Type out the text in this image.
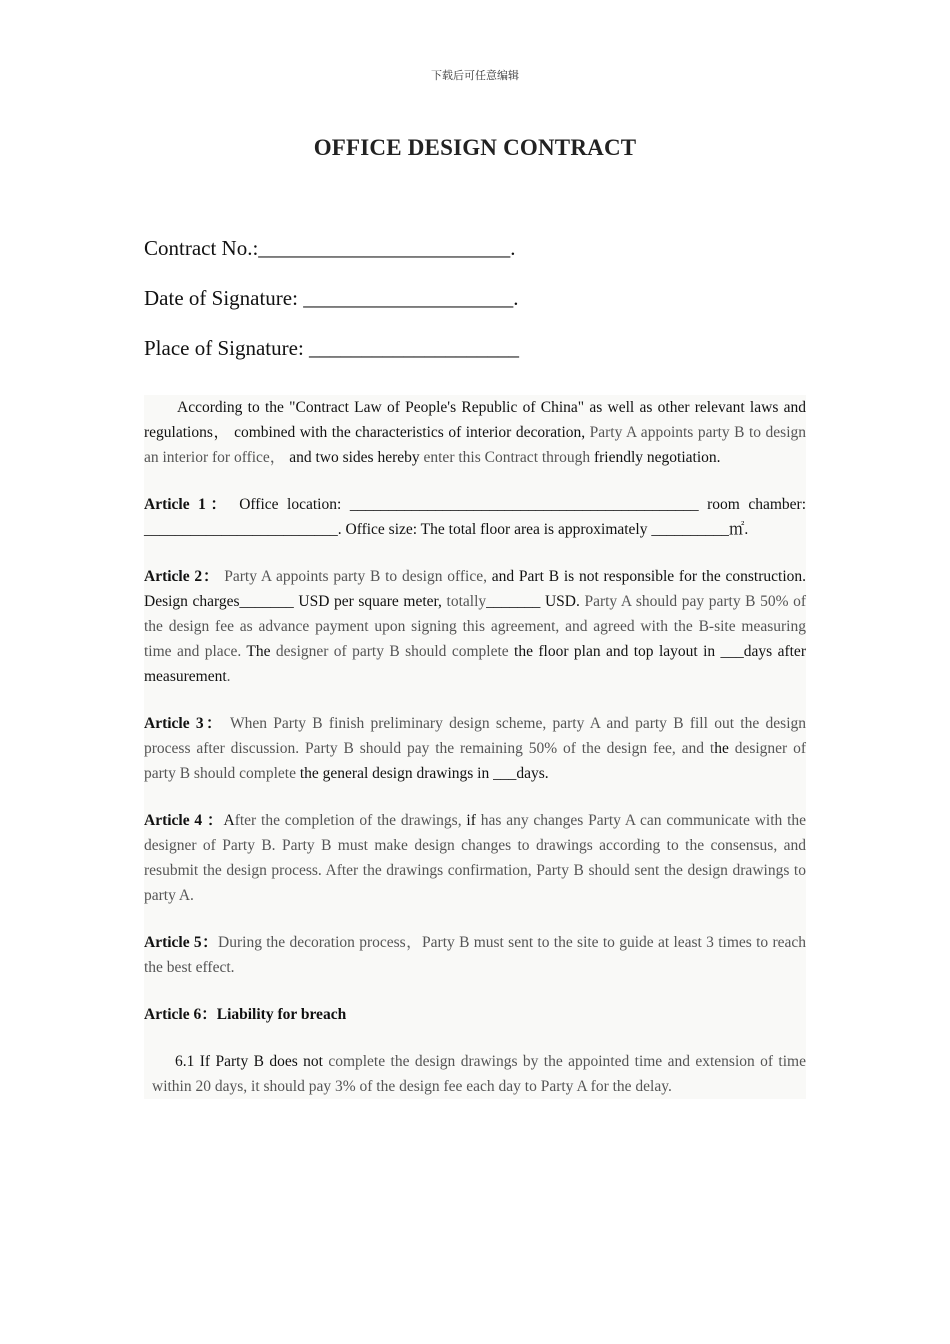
下载后可任意编辑
OFFICE DESIGN CONTRACT
Contract No.:________________________.
Date of Signature: ____________________.
Place of Signature: ____________________

According to the "Contract Law of People's Republic of China" as well as other relevant laws and regulations， combined with the characteristics of interior decoration, Party A appoints party B to design an interior for office， and two sides hereby enter this Contract through friendly negotiation.

Article 1： Office location: _____________________________________________ room chamber: _________________________. Office size: The total floor area is approximately __________㎡.

Article 2： Party A appoints party B to design office, and Part B is not responsible for the construction. Design charges_______ USD per square meter, totally_______ USD. Party A should pay party B 50% of the design fee as advance payment upon signing this agreement, and agreed with the B-site measuring time and place. The designer of party B should complete the floor plan and top layout in ___days after measurement.

Article 3： When Party B finish preliminary design scheme, party A and party B fill out the design process after discussion. Party B should pay the remaining 50% of the design fee, and the designer of party B should complete the general design drawings in ___days.

Article 4 ：After the completion of the drawings, if has any changes Party A can communicate with the designer of Party B. Party B must make design changes to drawings according to the consensus, and resubmit the design process. After the drawings confirmation, Party B should sent the design drawings to party A.

Article 5：During the decoration process，Party B must sent to the site to guide at least 3 times to reach the best effect.

Article 6：Liability for breach

6.1 If Party B does not complete the design drawings by the appointed time and extension of time within 20 days, it should pay 3% of the design fee each day to Party A for the delay.
